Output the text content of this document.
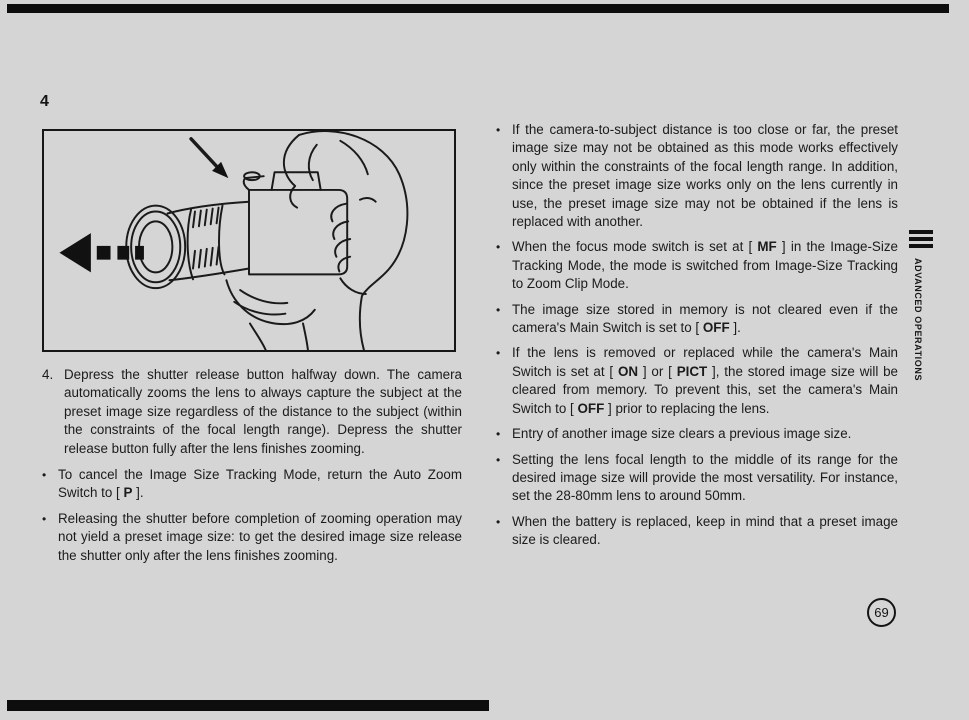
4
4. Depress the shutter release button halfway down. The camera automatically zooms the lens to always capture the subject at the preset image size regardless of the distance to the subject (within the constraints of the focal length range). Depress the shutter release button fully after the lens finishes zooming.
• To cancel the Image Size Tracking Mode, return the Auto Zoom Switch to [ P ].
• Releasing the shutter before completion of zooming operation may not yield a preset image size: to get the desired image size release the shutter only after the lens finishes zooming.
• If the camera-to-subject distance is too close or far, the preset image size may not be obtained as this mode works effectively only within the constraints of the focal length range. In addition, since the preset image size works only on the lens currently in use, the preset image size may not be obtained if the lens is replaced with another.
• When the focus mode switch is set at [ MF ] in the Image-Size Tracking Mode, the mode is switched from Image-Size Tracking to Zoom Clip Mode.
• The image size stored in memory is not cleared even if the camera's Main Switch is set to [ OFF ].
• If the lens is removed or replaced while the camera's Main Switch is set at [ ON ] or [ PICT ], the stored image size will be cleared from memory. To prevent this, set the camera's Main Switch to [ OFF ] prior to replacing the lens.
• Entry of another image size clears a previous image size.
• Setting the lens focal length to the middle of its range for the desired image size will provide the most versatility. For instance, set the 28-80mm lens to around 50mm.
• When the battery is replaced, keep in mind that a preset image size is cleared.
ADVANCED OPERATIONS
69
